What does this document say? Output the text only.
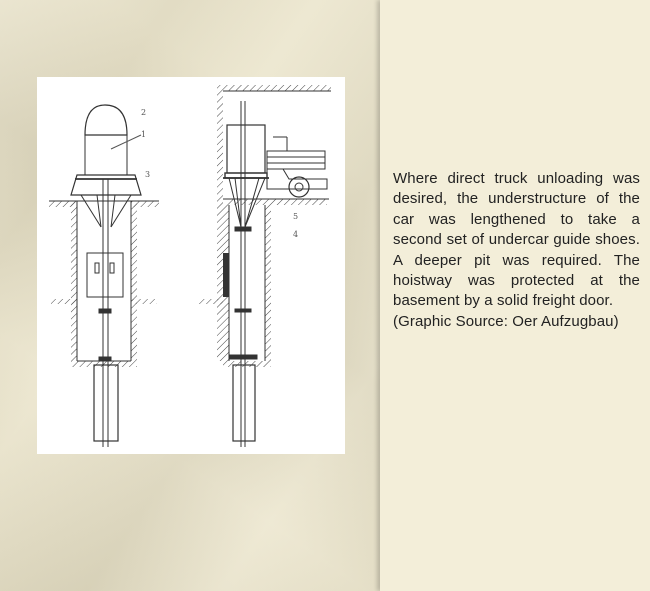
2
1
3
5
4

Where direct truck unloading was desired, the understructure of the car was lengthened to take a second set of undercar guide shoes. A deeper pit was required. The hoistway was protected at the basement by a solid freight door.

(Graphic Source: Oer Aufzugbau)
